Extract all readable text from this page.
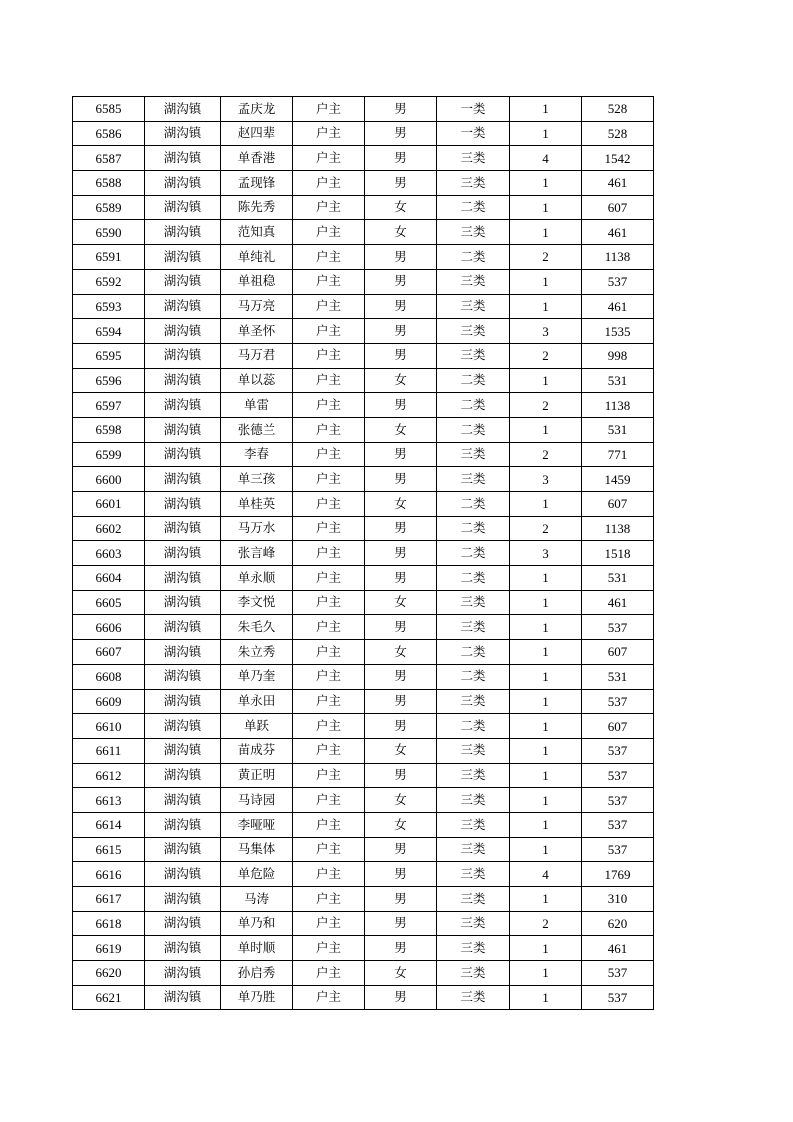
6585	湖沟镇	孟庆龙	户主	男	一类	1	528
6586	湖沟镇	赵四辈	户主	男	一类	1	528
6587	湖沟镇	单香港	户主	男	三类	4	1542
6588	湖沟镇	孟现锋	户主	男	三类	1	461
6589	湖沟镇	陈先秀	户主	女	二类	1	607
6590	湖沟镇	范知真	户主	女	三类	1	461
6591	湖沟镇	单纯礼	户主	男	二类	2	1138
6592	湖沟镇	单祖稳	户主	男	三类	1	537
6593	湖沟镇	马万亮	户主	男	三类	1	461
6594	湖沟镇	单圣怀	户主	男	三类	3	1535
6595	湖沟镇	马万君	户主	男	三类	2	998
6596	湖沟镇	单以蕊	户主	女	二类	1	531
6597	湖沟镇	单雷	户主	男	二类	2	1138
6598	湖沟镇	张德兰	户主	女	二类	1	531
6599	湖沟镇	李春	户主	男	三类	2	771
6600	湖沟镇	单三孩	户主	男	三类	3	1459
6601	湖沟镇	单桂英	户主	女	二类	1	607
6602	湖沟镇	马万水	户主	男	二类	2	1138
6603	湖沟镇	张言峰	户主	男	二类	3	1518
6604	湖沟镇	单永顺	户主	男	二类	1	531
6605	湖沟镇	李文悦	户主	女	三类	1	461
6606	湖沟镇	朱毛久	户主	男	三类	1	537
6607	湖沟镇	朱立秀	户主	女	二类	1	607
6608	湖沟镇	单乃奎	户主	男	二类	1	531
6609	湖沟镇	单永田	户主	男	三类	1	537
6610	湖沟镇	单跃	户主	男	二类	1	607
6611	湖沟镇	苗成芬	户主	女	三类	1	537
6612	湖沟镇	黄正明	户主	男	三类	1	537
6613	湖沟镇	马诗园	户主	女	三类	1	537
6614	湖沟镇	李哑哑	户主	女	三类	1	537
6615	湖沟镇	马集体	户主	男	三类	1	537
6616	湖沟镇	单危险	户主	男	三类	4	1769
6617	湖沟镇	马涛	户主	男	三类	1	310
6618	湖沟镇	单乃和	户主	男	三类	2	620
6619	湖沟镇	单时顺	户主	男	三类	1	461
6620	湖沟镇	孙启秀	户主	女	三类	1	537
6621	湖沟镇	单乃胜	户主	男	三类	1	537
